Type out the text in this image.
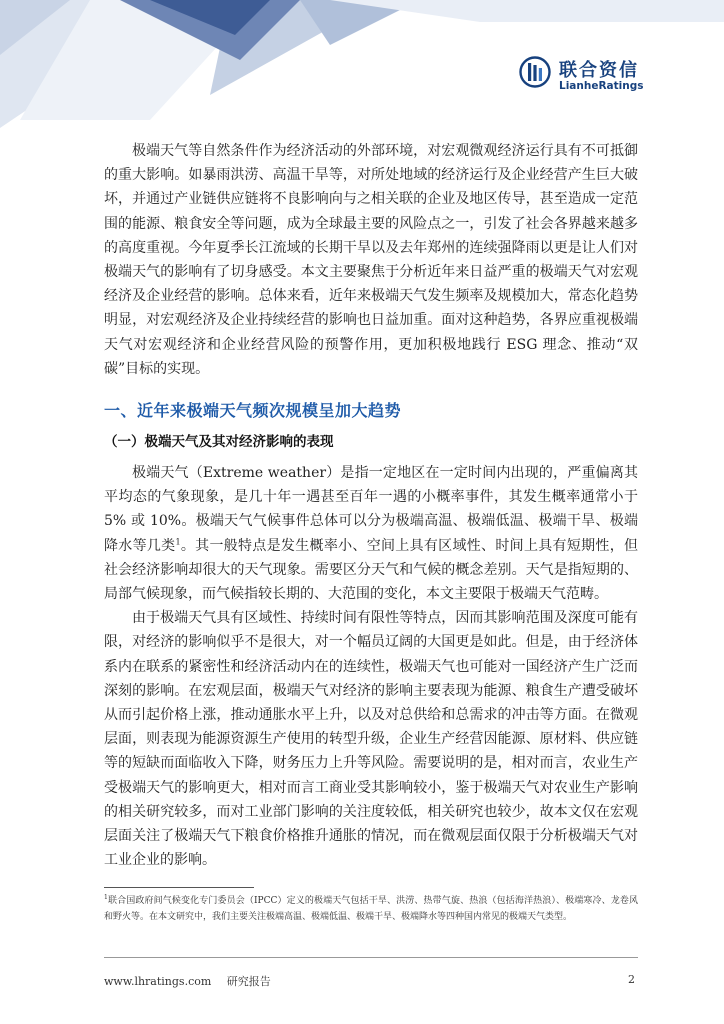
联合资信
LianheRatings

极端天气等自然条件作为经济活动的外部环境，对宏观微观经济运行具有不可抵御的重大影响。如暴雨洪涝、高温干旱等，对所处地域的经济运行及企业经营产生巨大破坏，并通过产业链供应链将不良影响向与之相关联的企业及地区传导，甚至造成一定范围的能源、粮食安全等问题，成为全球最主要的风险点之一，引发了社会各界越来越多的高度重视。今年夏季长江流域的长期干旱以及去年郑州的连续强降雨以更是让人们对极端天气的影响有了切身感受。本文主要聚焦于分析近年来日益严重的极端天气对宏观经济及企业经营的影响。总体来看，近年来极端天气发生频率及规模加大，常态化趋势明显，对宏观经济及企业持续经营的影响也日益加重。面对这种趋势，各界应重视极端天气对宏观经济和企业经营风险的预警作用，更加积极地践行 ESG 理念、推动“双碳”目标的实现。

一、近年来极端天气频次规模呈加大趋势
（一）极端天气及其对经济影响的表现

极端天气（Extreme weather）是指一定地区在一定时间内出现的，严重偏离其平均态的气象现象，是几十年一遇甚至百年一遇的小概率事件，其发生概率通常小于 5% 或 10%。极端天气气候事件总体可以分为极端高温、极端低温、极端干旱、极端降水等几类$^1$。其一般特点是发生概率小、空间上具有区域性、时间上具有短期性，但社会经济影响却很大的天气现象。需要区分天气和气候的概念差别。天气是指短期的、局部气候现象，而气候指较长期的、大范围的变化，本文主要限于极端天气范畴。

由于极端天气具有区域性、持续时间有限性等特点，因而其影响范围及深度可能有限，对经济的影响似乎不是很大，对一个幅员辽阔的大国更是如此。但是，由于经济体系内在联系的紧密性和经济活动内在的连续性，极端天气也可能对一国经济产生广泛而深刻的影响。在宏观层面，极端天气对经济的影响主要表现为能源、粮食生产遭受破坏从而引起价格上涨，推动通胀水平上升，以及对总供给和总需求的冲击等方面。在微观层面，则表现为能源资源生产使用的转型升级，企业生产经营因能源、原材料、供应链等的短缺而面临收入下降，财务压力上升等风险。需要说明的是，相对而言，农业生产受极端天气的影响更大，相对而言工商业受其影响较小，鉴于极端天气对农业生产影响的相关研究较多，而对工业部门影响的关注度较低，相关研究也较少，故本文仅在宏观层面关注了极端天气下粮食价格推升通胀的情况，而在微观层面仅限于分析极端天气对工业企业的影响。

$^1$联合国政府间气候变化专门委员会（IPCC）定义的极端天气包括干旱、洪涝、热带气旋、热浪（包括海洋热浪）、极端寒冷、龙卷风和野火等。在本文研究中，我们主要关注极端高温、极端低温、极端干旱、极端降水等四种国内常见的极端天气类型。
www.lhratings.com 研究报告	2
